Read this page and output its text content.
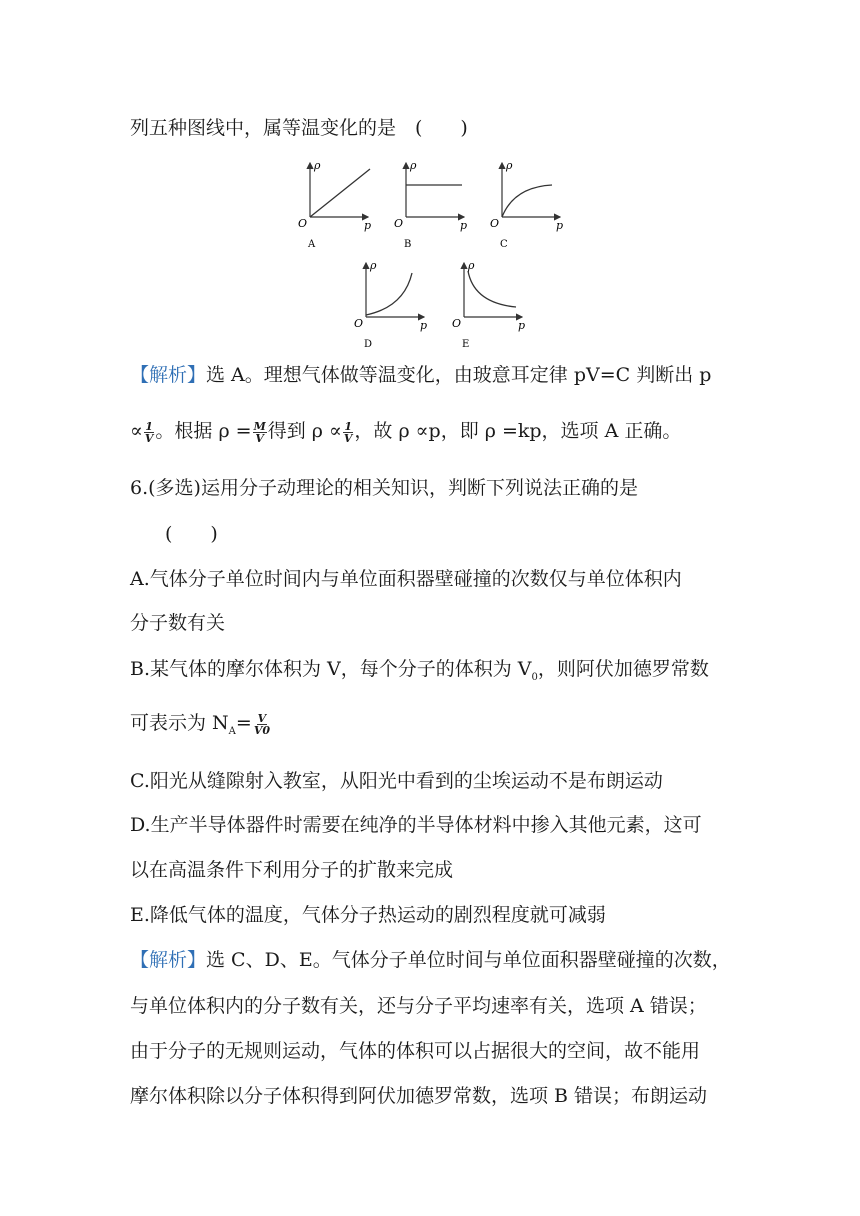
列五种图线中，属等温变化的是　(　　)
ρ
p
O
A
ρ
p
O
B
ρ
p
O
C
ρ
p
O
D
ρ
p
O
E
【解析】选 A。理想气体做等温变化，由玻意耳定律 pV=C 判断出 p
∝ $\frac{1}{V}$ 。根据 $\rho = \frac{M}{V}$ 得到 $\rho \propto \frac{1}{V}$ ，故 ρ ∝p，即 ρ =kp，选项 A 正确。
6.(多选)运用分子动理论的相关知识，判断下列说法正确的是
(　　)
A.气体分子单位时间内与单位面积器壁碰撞的次数仅与单位体积内
分子数有关
B.某气体的摩尔体积为 V，每个分子的体积为 $V_0$，则阿伏加德罗常数
可表示为 $N_A= \frac{V}{V0}$
C.阳光从缝隙射入教室，从阳光中看到的尘埃运动不是布朗运动
D.生产半导体器件时需要在纯净的半导体材料中掺入其他元素，这可
以在高温条件下利用分子的扩散来完成
E.降低气体的温度，气体分子热运动的剧烈程度就可减弱
【解析】选 C、D、E。气体分子单位时间与单位面积器壁碰撞的次数，
与单位体积内的分子数有关，还与分子平均速率有关，选项 A 错误；
由于分子的无规则运动，气体的体积可以占据很大的空间，故不能用
摩尔体积除以分子体积得到阿伏加德罗常数，选项 B 错误；布朗运动
